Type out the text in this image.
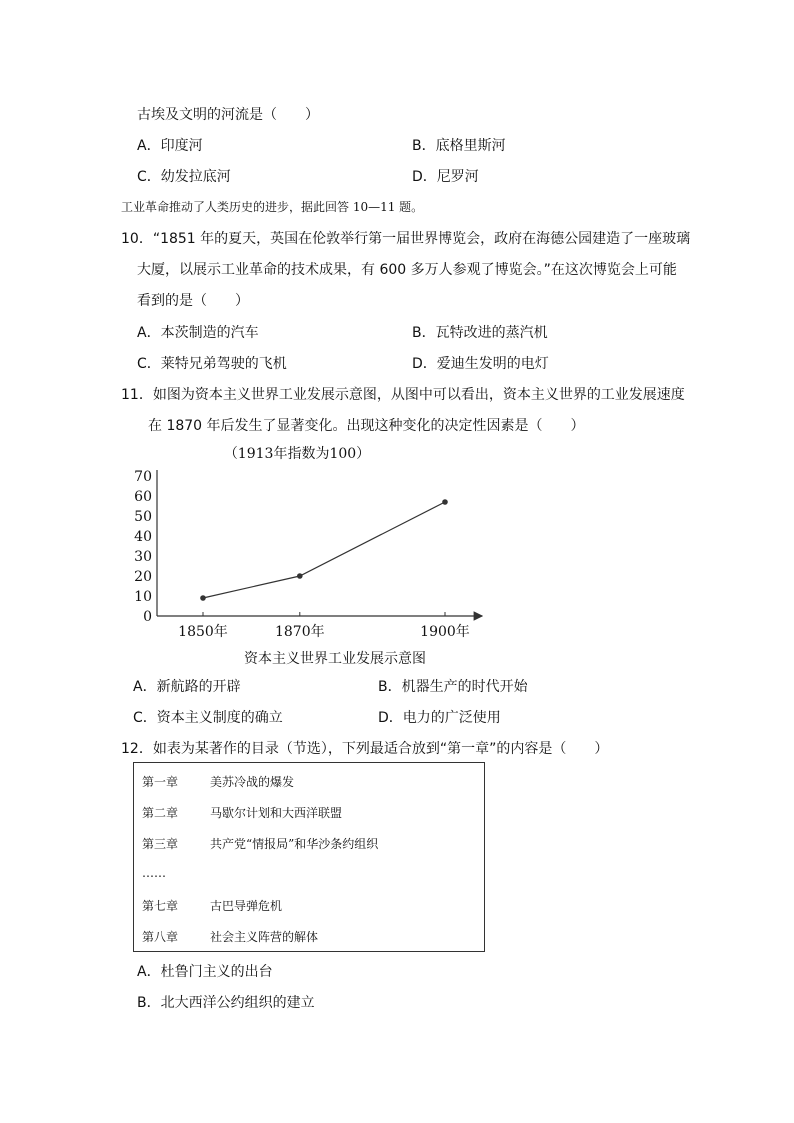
古埃及文明的河流是（　　）
A．印度河	B．底格里斯河
C．幼发拉底河	D．尼罗河
工业革命推动了人类历史的进步，据此回答 10—11 题。
10．“1851 年的夏天，英国在伦敦举行第一届世界博览会，政府在海德公园建造了一座玻璃
大厦，以展示工业革命的技术成果，有 600 多万人参观了博览会。”在这次博览会上可能
看到的是（　　）
A．本茨制造的汽车	B．瓦特改进的蒸汽机
C．莱特兄弟驾驶的飞机	D．爱迪生发明的电灯
11．如图为资本主义世界工业发展示意图，从图中可以看出，资本主义世界的工业发展速度
在 1870 年后发生了显著变化。出现这种变化的决定性因素是（　　）
（1913年指数为100）
0
10
20
30
40
50
60
70
1850年	1870年	1900年
资本主义世界工业发展示意图
A．新航路的开辟	B．机器生产的时代开始
C．资本主义制度的确立	D．电力的广泛使用
12．如表为某著作的目录（节选），下列最适合放到“第一章”的内容是（　　）
第一章	美苏冷战的爆发
第二章	马歇尔计划和大西洋联盟
第三章	共产党“情报局”和华沙条约组织
……
第七章	古巴导弹危机
第八章	社会主义阵营的解体
A．杜鲁门主义的出台
B．北大西洋公约组织的建立
